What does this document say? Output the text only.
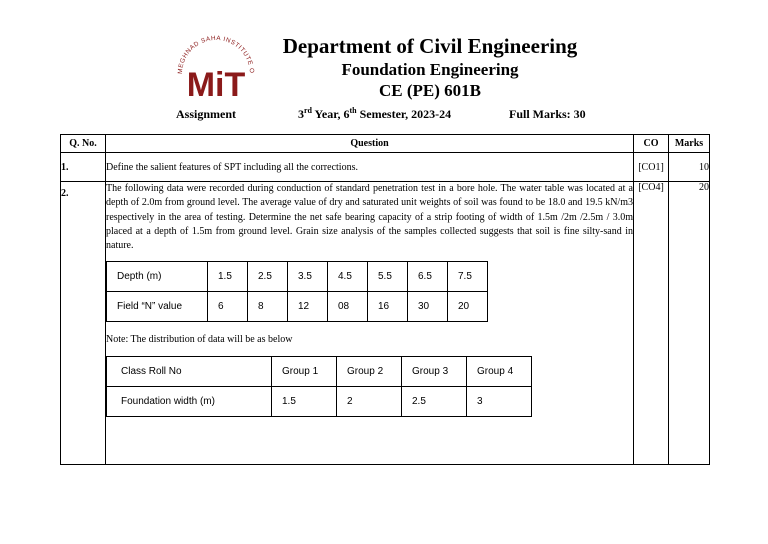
MEGHNAD SAHA INSTITUTE O
MiT
Department of Civil Engineering
Foundation Engineering
CE (PE) 601B
Assignment	3rd Year, 6th Semester, 2023-24	Full Marks: 30
Q. No.	Question	CO	Marks
1.	Define the salient features of SPT including all the corrections.	[CO1]	10
2.	The following data were recorded during conduction of standard penetration test in a bore hole. The water table was located at a depth of 2.0m from ground level. The average value of dry and saturated unit weights of soil was found to be 18.0 and 19.5 kN/m3 respectively in the area of testing. Determine the net safe bearing capacity of a strip footing of width of 1.5m /2m /2.5m / 3.0m placed at a depth of 1.5m from ground level. Grain size analysis of the samples collected suggests that soil is fine silty-sand in nature.
Depth (m)	1.5	2.5	3.5	4.5	5.5	6.5	7.5
Field “N” value	6	8	12	08	16	30	20
Note: The distribution of data will be as below
Class Roll No	Group 1	Group 2	Group 3	Group 4
Foundation width (m)	1.5	2	2.5	3
	[CO4]	20
